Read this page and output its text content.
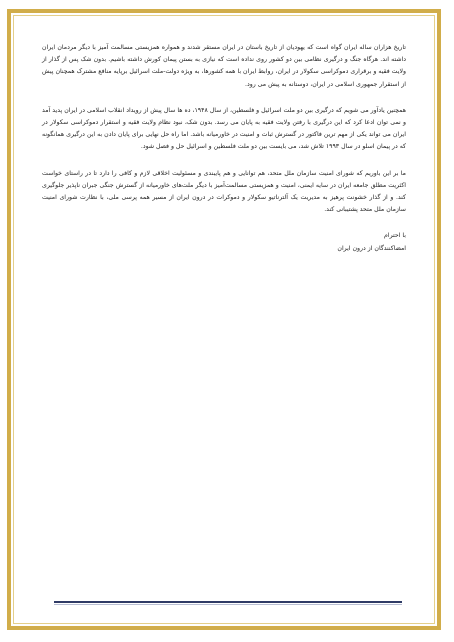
تاریخ هزاران ساله ایران گواه است که یهودیان از تاریخ باستان در ایران مستقر شدند و همواره همزیستی مسالمت آمیز با دیگر مردمان ایران داشته اند. هرگاه جنگ و درگیری نظامی بین دو کشور روی نداده است که نیازی به بستن پیمان کورش داشته باشیم. بدون شک پس از گذار از ولایت فقیه و برقراری دموکراسی سکولار در ایران، روابط ایران با همه کشورها، به ویژه دولت-ملت اسرائیل برپایه منافع مشترک همچنان پیش از استقرار جمهوری اسلامی در ایران، دوستانه به پیش می رود.

همچنین یادآور می شویم که درگیری بین دو ملت اسرائیل و فلسطین، از سال ۱۹۴۸، ده ها سال پیش از رویداد انقلاب اسلامی در ایران پدید آمد و نمی توان ادعا کرد که این درگیری با رفتن ولایت فقیه به پایان می رسد. بدون شک، نبود نظام ولایت فقیه و استقرار دموکراسی سکولار در ایران می تواند یکی از مهم ترین فاکتور در گسترش ثبات و امنیت در خاورمیانه باشد. اما راه حل نهایی برای پایان دادن به این درگیری همانگونه که در پیمان اسلو در سال ۱۹۹۳ تلاش شد، می بایست بین دو ملت فلسطین و اسرائیل حل و فصل شود.

ما بر این باوریم که شورای امنیت سازمان ملل متحد، هم توانایی و هم پایبندی و مسئولیت اخلاقی لازم و کافی را دارد تا در راستای خواست اکثریت مطلق جامعه ایران در سایه ایمنی، امنیت و همزیستی مسالمت‌آمیز با دیگر ملت‌های خاورمیانه از گسترش جنگی جبران ناپذیر جلوگیری کند. و از گذار خشونت پرهیز به مدیریت یک آلترناتیو سکولار و دموکرات در درون ایران از مسیر همه پرسی ملی، با نظارت شورای امنیت سازمان ملل متحد پشتیبانی کند.

با احترام

امضاکنندگان از درون ایران
